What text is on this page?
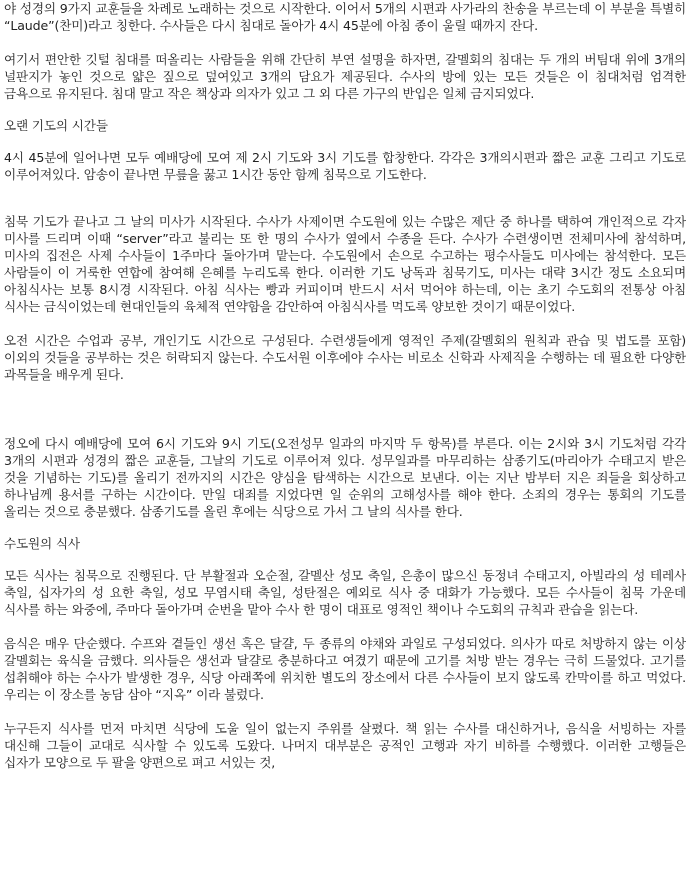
야 성경의 9가지 교훈들을 차례로 노래하는 것으로 시작한다. 이어서 5개의 시편과 사가라의 찬송을 부르는데 이 부분을 특별히 “Laude”(찬미)라고 칭한다. 수사들은 다시 침대로 돌아가 4시 45분에 아침 종이 울릴 때까지 잔다.

여기서 편안한 깃털 침대를 떠올리는 사람들을 위해 간단히 부연 설명을 하자면, 갈멜회의 침대는 두 개의 버팀대 위에 3개의 널판지가 놓인 것으로 얇은 짚으로 덮여있고 3개의 담요가 제공된다. 수사의 방에 있는 모든 것들은 이 침대처럼 엄격한 금욕으로 유지된다. 침대 말고 작은 책상과 의자가 있고 그 외 다른 가구의 반입은 일체 금지되었다.

오랜 기도의 시간들

4시 45분에 일어나면 모두 예배당에 모여 제 2시 기도와 3시 기도를 합창한다. 각각은 3개의시편과 짧은 교훈 그리고 기도로 이루어져있다. 암송이 끝나면 무릎을 꿇고 1시간 동안 함께 침묵으로 기도한다.

침묵 기도가 끝나고 그 날의 미사가 시작된다. 수사가 사제이면 수도원에 있는 수많은 제단 중 하나를 택하여 개인적으로 각자 미사를 드리며 이때 “server”라고 불리는 또 한 명의 수사가 옆에서 수종을 든다. 수사가 수련생이면 전체미사에 참석하며, 미사의 집전은 사제 수사들이 1주마다 돌아가며 맡는다. 수도원에서 손으로 수고하는 평수사들도 미사에는 참석한다. 모든 사람들이 이 거룩한 연합에 참여해 은혜를 누리도록 한다. 이러한 기도 낭독과 침묵기도, 미사는 대략 3시간 정도 소요되며 아침식사는 보통 8시경 시작된다. 아침 식사는 빵과 커피이며 반드시 서서 먹어야 하는데, 이는 초기 수도회의 전통상 아침 식사는 금식이었는데 현대인들의 육체적 연약함을 감안하여 아침식사를 먹도록 양보한 것이기 때문이었다.

오전 시간은 수업과 공부, 개인기도 시간으로 구성된다. 수련생들에게 영적인 주제(갈멜회의 원칙과 관습 및 법도를 포함) 이외의 것들을 공부하는 것은 허락되지 않는다. 수도서원 이후에야 수사는 비로소 신학과 사제직을 수행하는 데 필요한 다양한 과목들을 배우게 된다.

정오에 다시 예배당에 모여 6시 기도와 9시 기도(오전성무 일과의 마지막 두 항목)를 부른다. 이는 2시와 3시 기도처럼 각각 3개의 시편과 성경의 짧은 교훈들, 그날의 기도로 이루어져 있다. 성무일과를 마무리하는 삼종기도(마리아가 수태고지 받은 것을 기념하는 기도)를 올리기 전까지의 시간은 양심을 탐색하는 시간으로 보낸다. 이는 지난 밤부터 지은 죄들을 회상하고 하나님께 용서를 구하는 시간이다. 만일 대죄를 지었다면 일 순위의 고해성사를 해야 한다. 소죄의 경우는 통회의 기도를 올리는 것으로 충분했다. 삼종기도를 올린 후에는 식당으로 가서 그 날의 식사를 한다.

수도원의 식사

모든 식사는 침묵으로 진행된다. 단 부활절과 오순절, 갈멜산 성모 축일, 은총이 많으신 동정녀 수태고지, 아빌라의 성 테레사 축일, 십자가의 성 요한 축일, 성모 무염시태 축일, 성탄절은 예외로 식사 중 대화가 가능했다. 모든 수사들이 침묵 가운데 식사를 하는 와중에, 주마다 돌아가며 순번을 맡아 수사 한 명이 대표로 영적인 책이나 수도회의 규칙과 관습을 읽는다.

음식은 매우 단순했다. 수프와 곁들인 생선 혹은 달걀, 두 종류의 야채와 과일로 구성되었다. 의사가 따로 처방하지 않는 이상 갈멜회는 육식을 금했다. 의사들은 생선과 달걀로 충분하다고 여겼기 때문에 고기를 처방 받는 경우는 극히 드물었다. 고기를 섭취해야 하는 수사가 발생한 경우, 식당 아래쪽에 위치한 별도의 장소에서 다른 수사들이 보지 않도록 칸막이를 하고 먹었다. 우리는 이 장소를 농담 삼아 “지옥” 이라 불렀다.

누구든지 식사를 먼저 마치면 식당에 도울 일이 없는지 주위를 살폈다. 책 읽는 수사를 대신하거나, 음식을 서빙하는 자를 대신해 그들이 교대로 식사할 수 있도록 도왔다. 나머지 대부분은 공적인 고행과 자기 비하를 수행했다. 이러한 고행들은 십자가 모양으로 두 팔을 양편으로 펴고 서있는 것,
